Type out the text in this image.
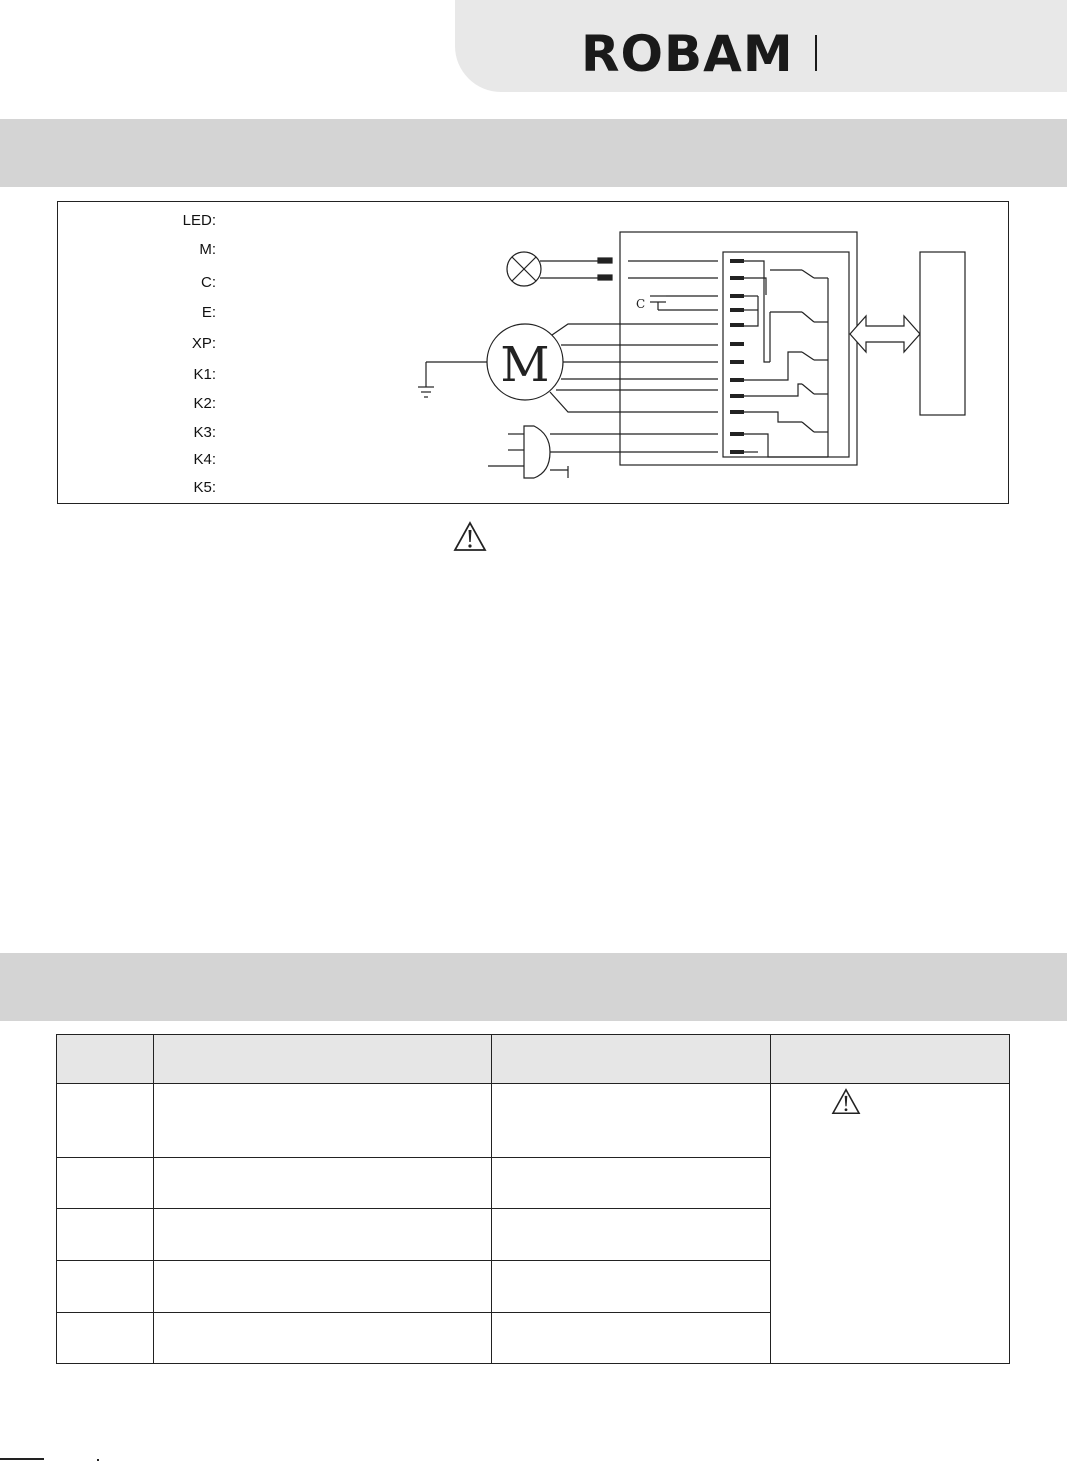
ROBAM
LED:
M:
C:
E:
XP:
K1:
K2:
K3:
K4:
K5:
C
M
